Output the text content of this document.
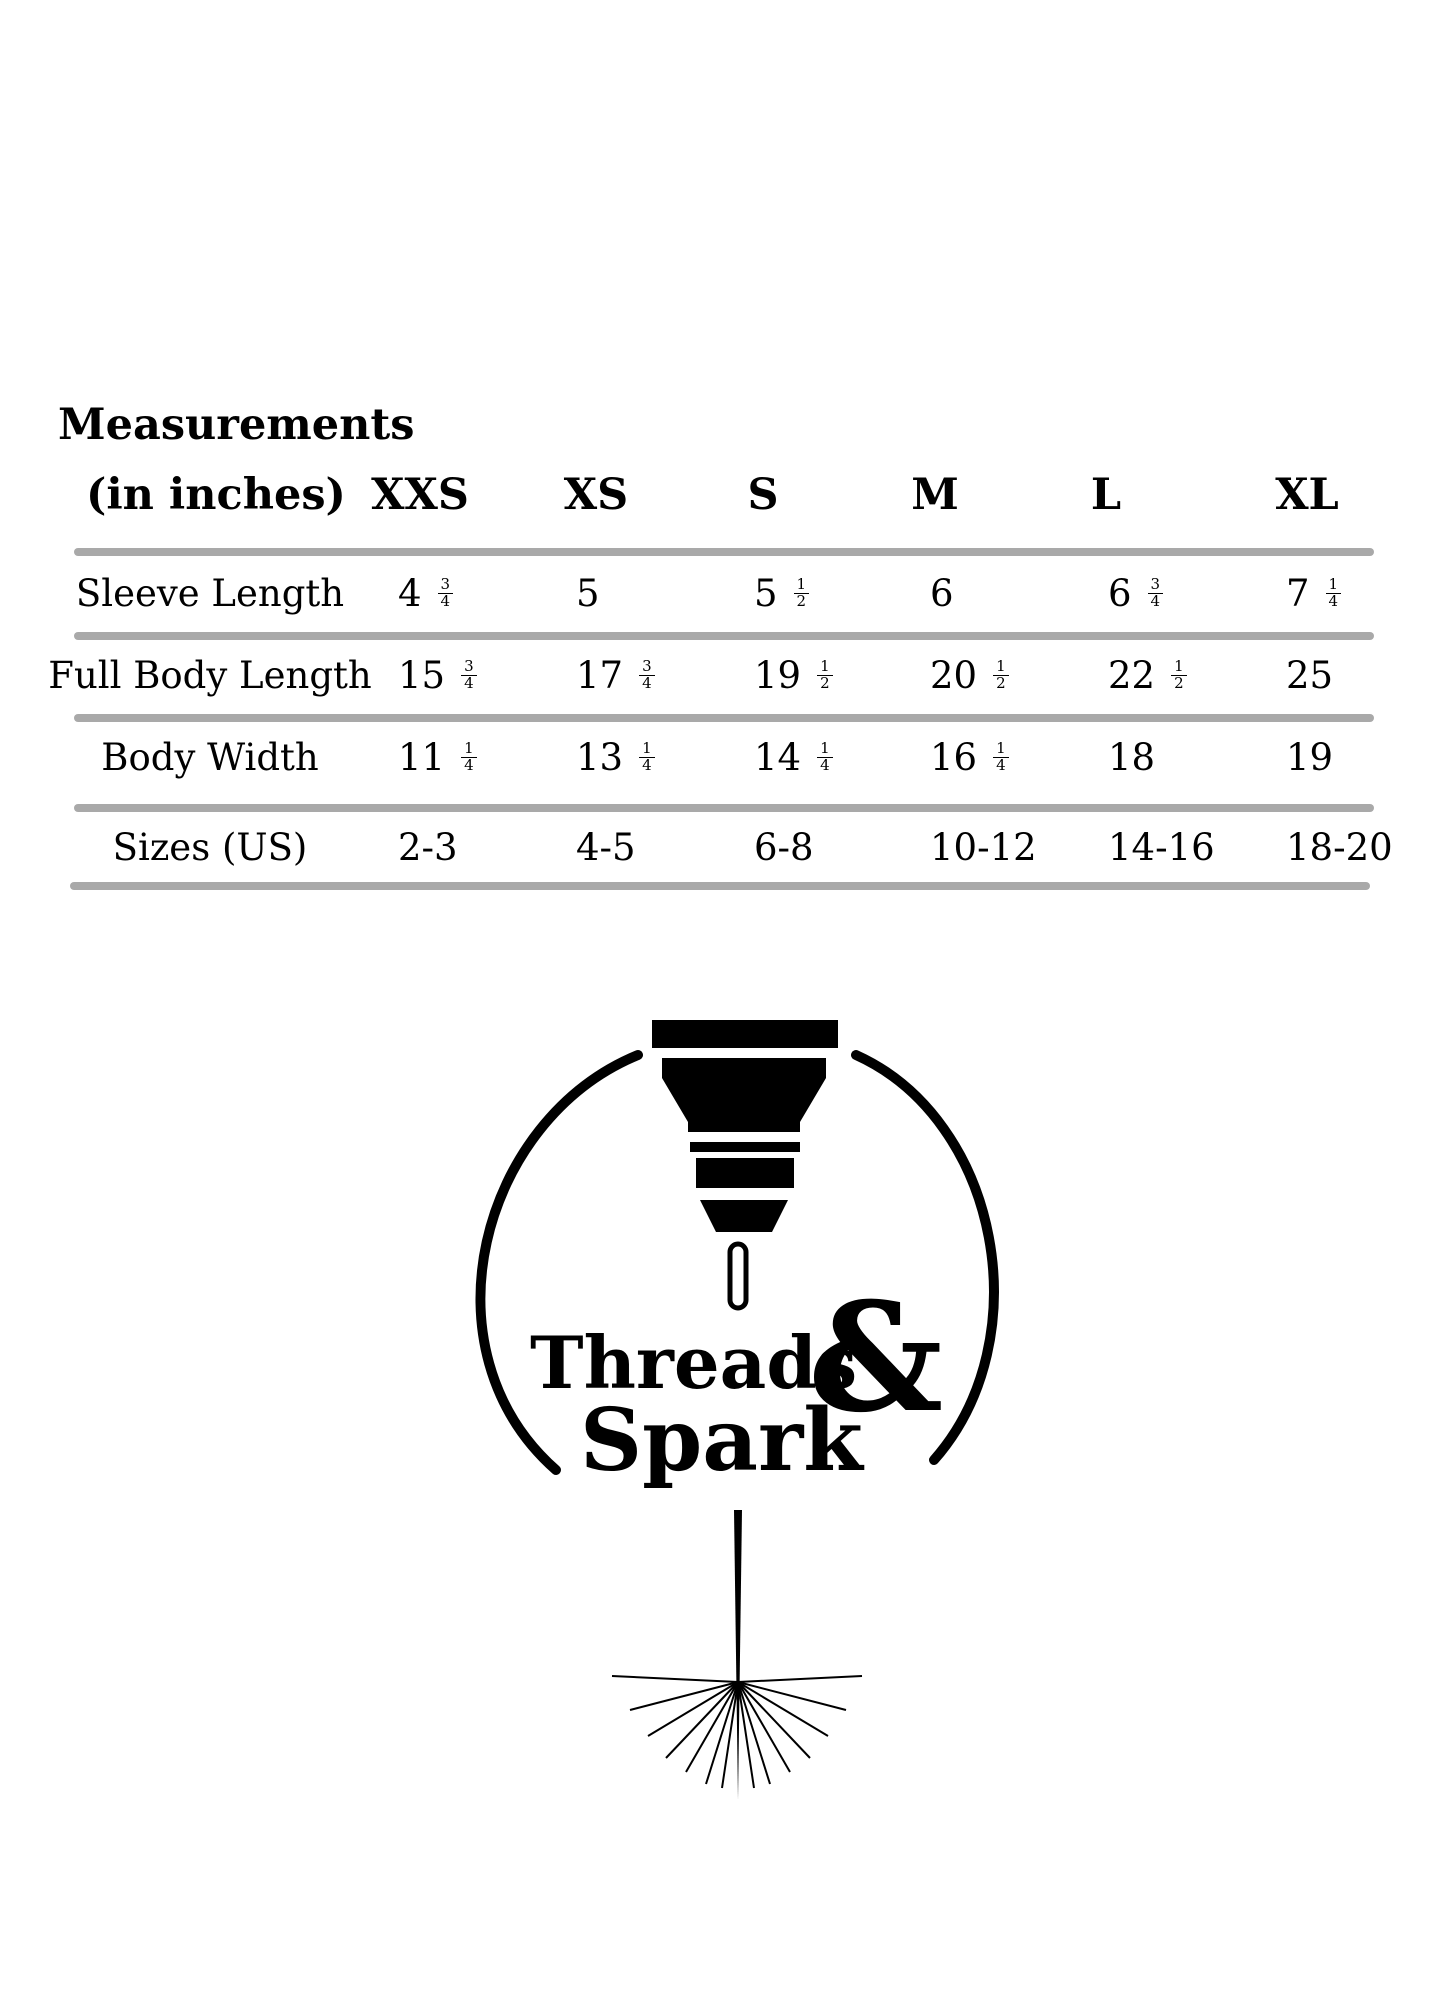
Measurements
(in inches) XXS XS	S	M	L	XL
Sleeve Length $4 \frac{3}{4}$	5	$5 \frac{1}{2}$	6	$6 \frac{3}{4}$	$7 \frac{1}{4}$
Full Body Length $15 \frac{3}{4}$	$17 \frac{3}{4}$	$19 \frac{1}{2}$	$20 \frac{1}{2}$	$22 \frac{1}{2}$	25
Body Width $11 \frac{1}{4}$	$13 \frac{1}{4}$	$14 \frac{1}{4}$	$16 \frac{1}{4}$	18	19
Sizes (US) 2-3	4-5	6-8	10-12 14-16 18-20
Threads
&
Spark
